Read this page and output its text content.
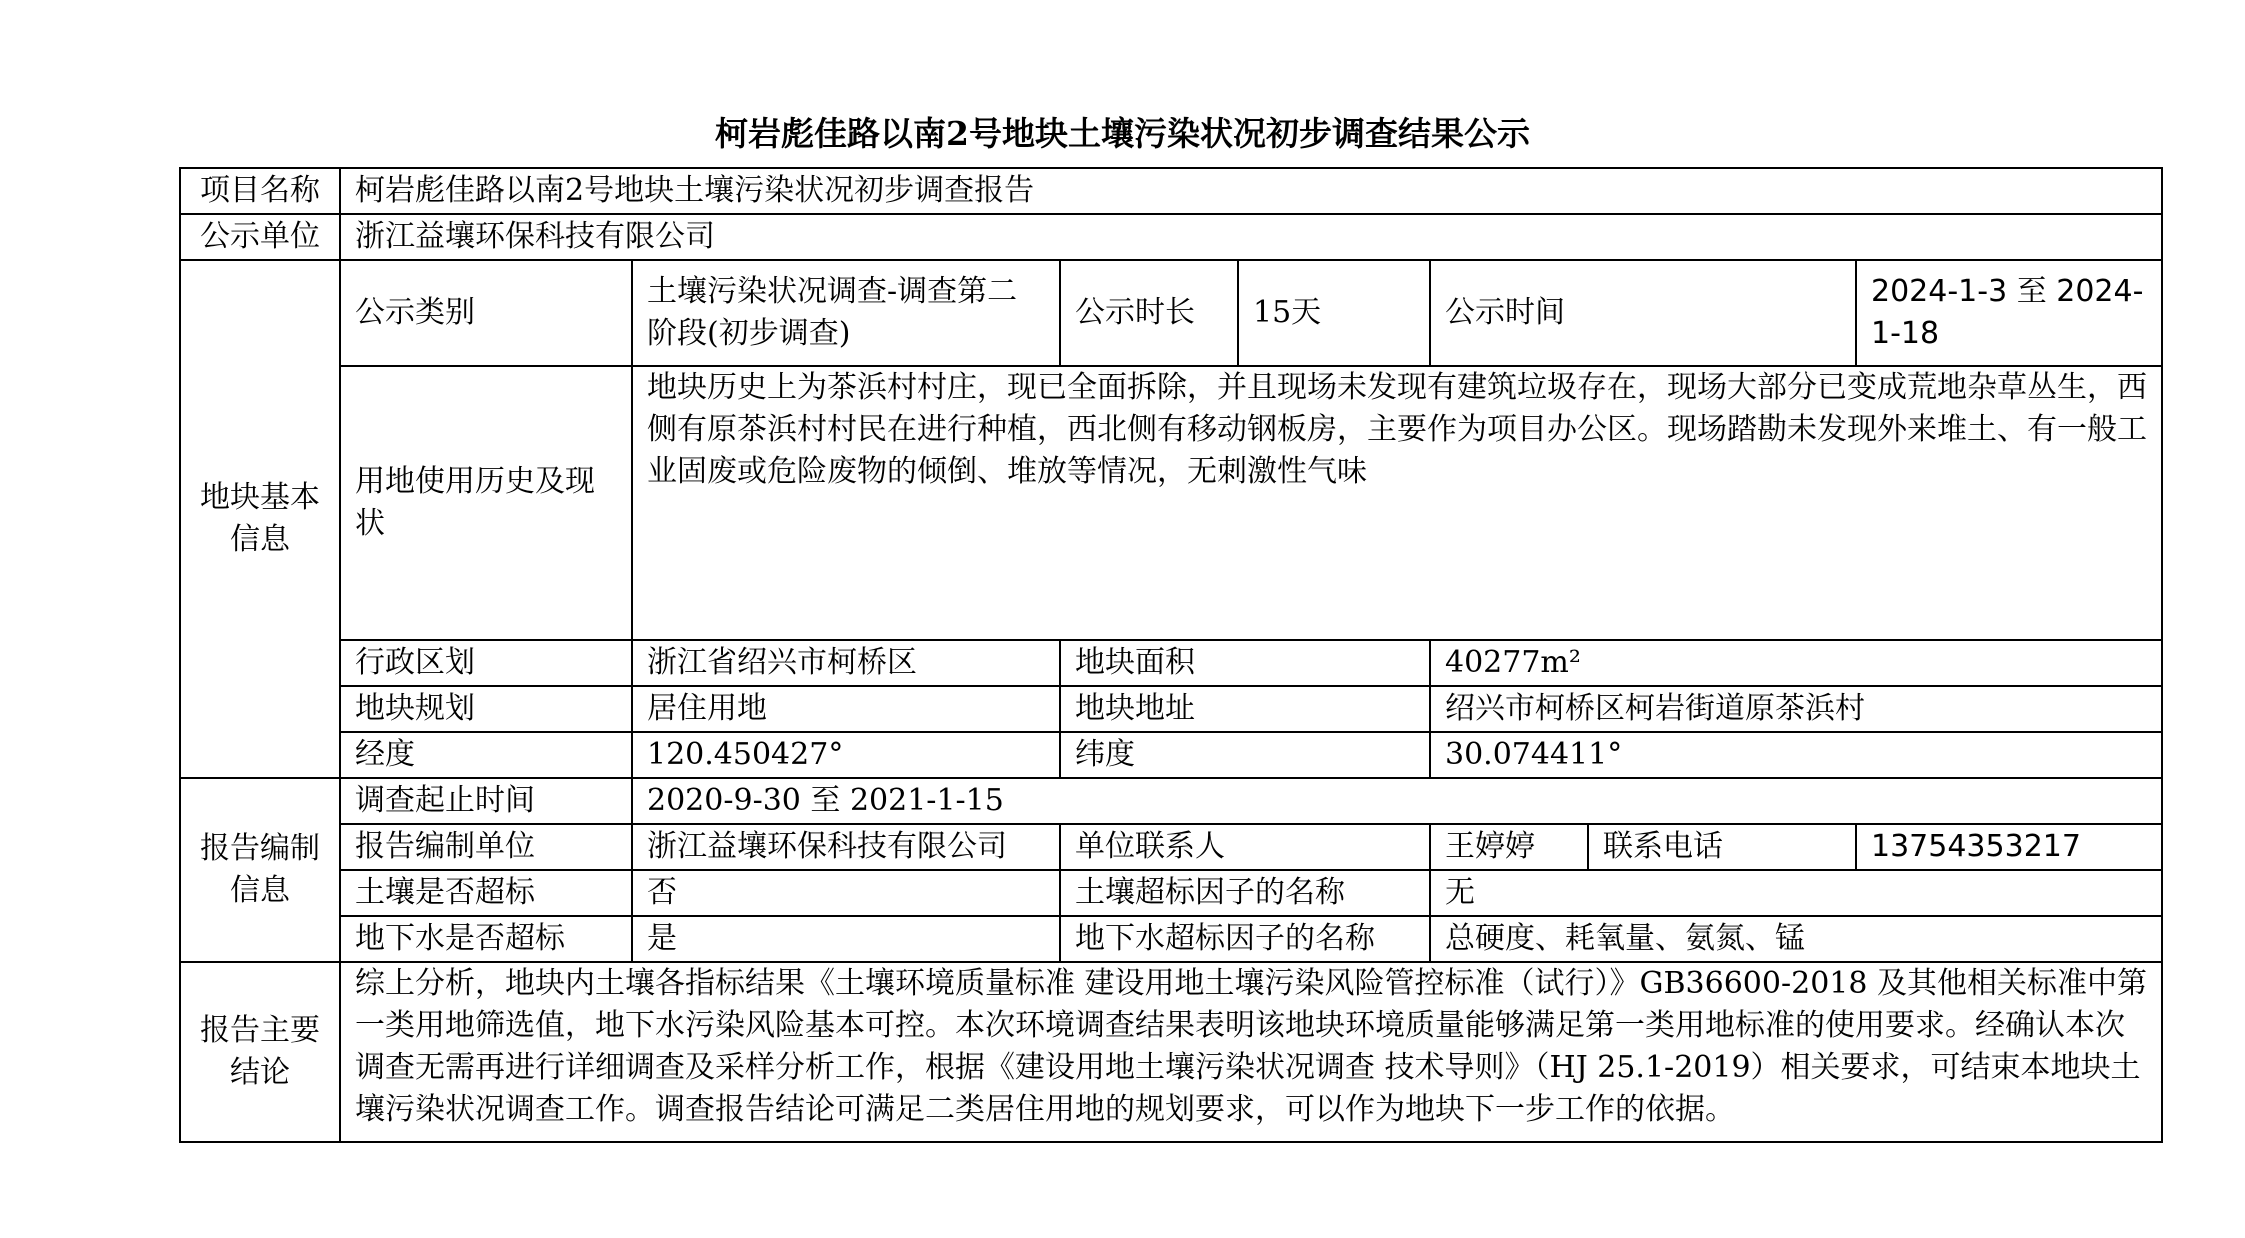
柯岩彪佳路以南2号地块土壤污染状况初步调查结果公示
项目名称	柯岩彪佳路以南2号地块土壤污染状况初步调查报告						
公示单位	浙江益壤环保科技有限公司						
地块基本信息	公示类别	土壤污染状况调查-调查第二阶段(初步调查)	公示时长	15天	公示时间		2024-1-3 至 2024-1-18
	用地使用历史及现状	地块历史上为茶浜村村庄，现已全面拆除，并且现场未发现有建筑垃圾存在，现场大部分已变成荒地杂草丛生，西侧有原茶浜村村民在进行种植，西北侧有移动钢板房，主要作为项目办公区。现场踏勘未发现外来堆土、有一般工业固废或危险废物的倾倒、堆放等情况，无刺激性气味					
	行政区划	浙江省绍兴市柯桥区	地块面积		40277m²		
	地块规划	居住用地	地块地址		绍兴市柯桥区柯岩街道原茶浜村		
	经度	120.450427°	纬度		30.074411°		
报告编制信息	调查起止时间	2020-9-30 至 2021-1-15					
	报告编制单位	浙江益壤环保科技有限公司	单位联系人		王婷婷	联系电话	13754353217
	土壤是否超标	否	土壤超标因子的名称		无		
	地下水是否超标	是	地下水超标因子的名称		总硬度、耗氧量、氨氮、锰		
报告主要结论	综上分析，地块内土壤各指标结果《土壤环境质量标准 建设用地土壤污染风险管控标准（试行）》GB36600-2018 及其他相关标准中第一类用地筛选值，地下水污染风险基本可控。本次环境调查结果表明该地块环境质量能够满足第一类用地标准的使用要求。经确认本次调查无需再进行详细调查及采样分析工作，根据《建设用地土壤污染状况调查 技术导则》（HJ 25.1-2019）相关要求，可结束本地块土壤污染状况调查工作。调查报告结论可满足二类居住用地的规划要求，可以作为地块下一步工作的依据。						
